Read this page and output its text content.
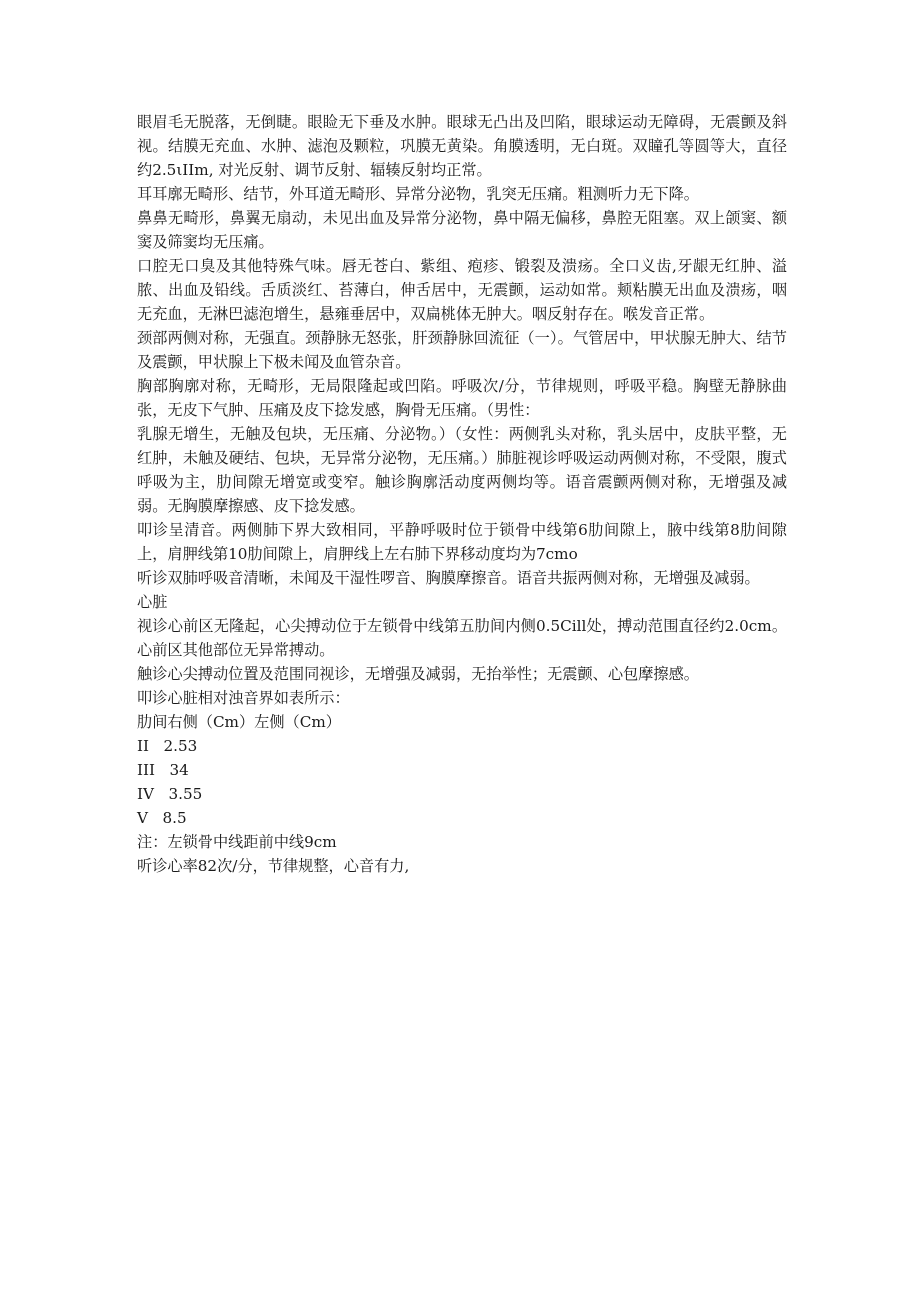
眼眉毛无脱落，无倒睫。眼睑无下垂及水肿。眼球无凸出及凹陷，眼球运动无障碍，无震颤及斜视。结膜无充血、水肿、滤泡及颗粒，巩膜无黄染。角膜透明，无白斑。双瞳孔等圆等大，直径约2.5ιIIm, 对光反射、调节反射、辐辏反射均正常。

耳耳廓无畸形、结节，外耳道无畸形、异常分泌物，乳突无压痛。粗测听力无下降。

鼻鼻无畸形，鼻翼无扇动，未见出血及异常分泌物，鼻中隔无偏移，鼻腔无阻塞。双上颌窦、额窦及筛窦均无压痛。

口腔无口臭及其他特殊气味。唇无苍白、紫组、疱疹、锻裂及溃疡。全口义齿,牙龈无红肿、溢脓、出血及铅线。舌质淡红、苔薄白，伸舌居中，无震颤，运动如常。颊粘膜无出血及溃疡，咽无充血，无淋巴滤泡增生，悬雍垂居中，双扁桃体无肿大。咽反射存在。喉发音正常。

颈部两侧对称，无强直。颈静脉无怒张，肝颈静脉回流征（一）。气管居中，甲状腺无肿大、结节及震颤，甲状腺上下极未闻及血管杂音。

胸部胸廓对称，无畸形，无局限隆起或凹陷。呼吸次/分，节律规则，呼吸平稳。胸壁无静脉曲张，无皮下气肿、压痛及皮下捻发感，胸骨无压痛。（男性：

乳腺无增生，无触及包块，无压痛、分泌物。）（女性：两侧乳头对称，乳头居中，皮肤平整，无红肿，未触及硬结、包块，无异常分泌物，无压痛。）肺脏视诊呼吸运动两侧对称，不受限，腹式呼吸为主，肋间隙无增宽或变窄。触诊胸廓活动度两侧均等。语音震颤两侧对称，无增强及减弱。无胸膜摩擦感、皮下捻发感。

叩诊呈清音。两侧肺下界大致相同，平静呼吸时位于锁骨中线第6肋间隙上，腋中线第8肋间隙上，肩胛线第10肋间隙上，肩胛线上左右肺下界移动度均为7cmo

听诊双肺呼吸音清晰，未闻及干湿性啰音、胸膜摩擦音。语音共振两侧对称，无增强及减弱。

心脏

视诊心前区无隆起，心尖搏动位于左锁骨中线第五肋间内侧0.5Cill处，搏动范围直径约2.0cm。心前区其他部位无异常搏动。

触诊心尖搏动位置及范围同视诊，无增强及减弱，无抬举性；无震颤、心包摩擦感。

叩诊心脏相对浊音界如表所示：

肋间右侧（Cm）左侧（Cm）
II 2.53
III 34
IV 3.55
V 8.5
注：左锁骨中线距前中线9cm

听诊心率82次/分，节律规整，心音有力,
